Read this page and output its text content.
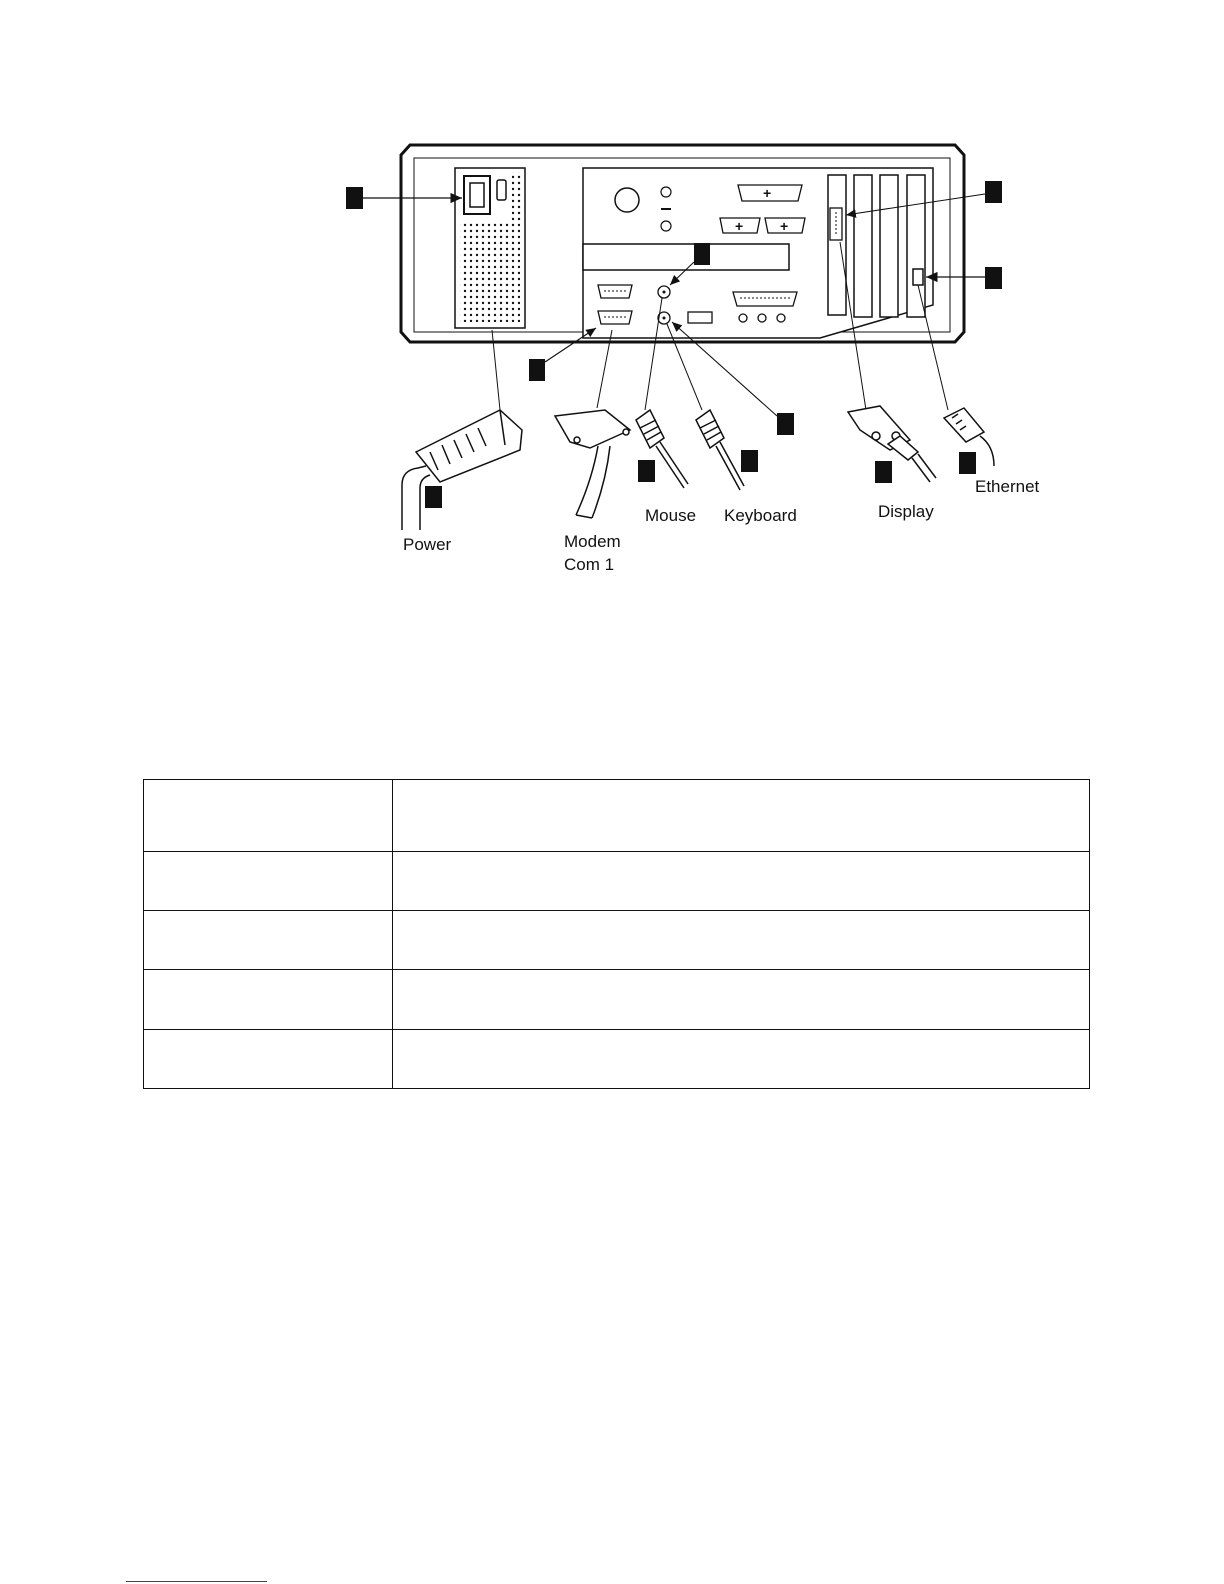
+
+	+
Power	Modem
Com 1
Mouse Keyboard	Display
Ethernet
